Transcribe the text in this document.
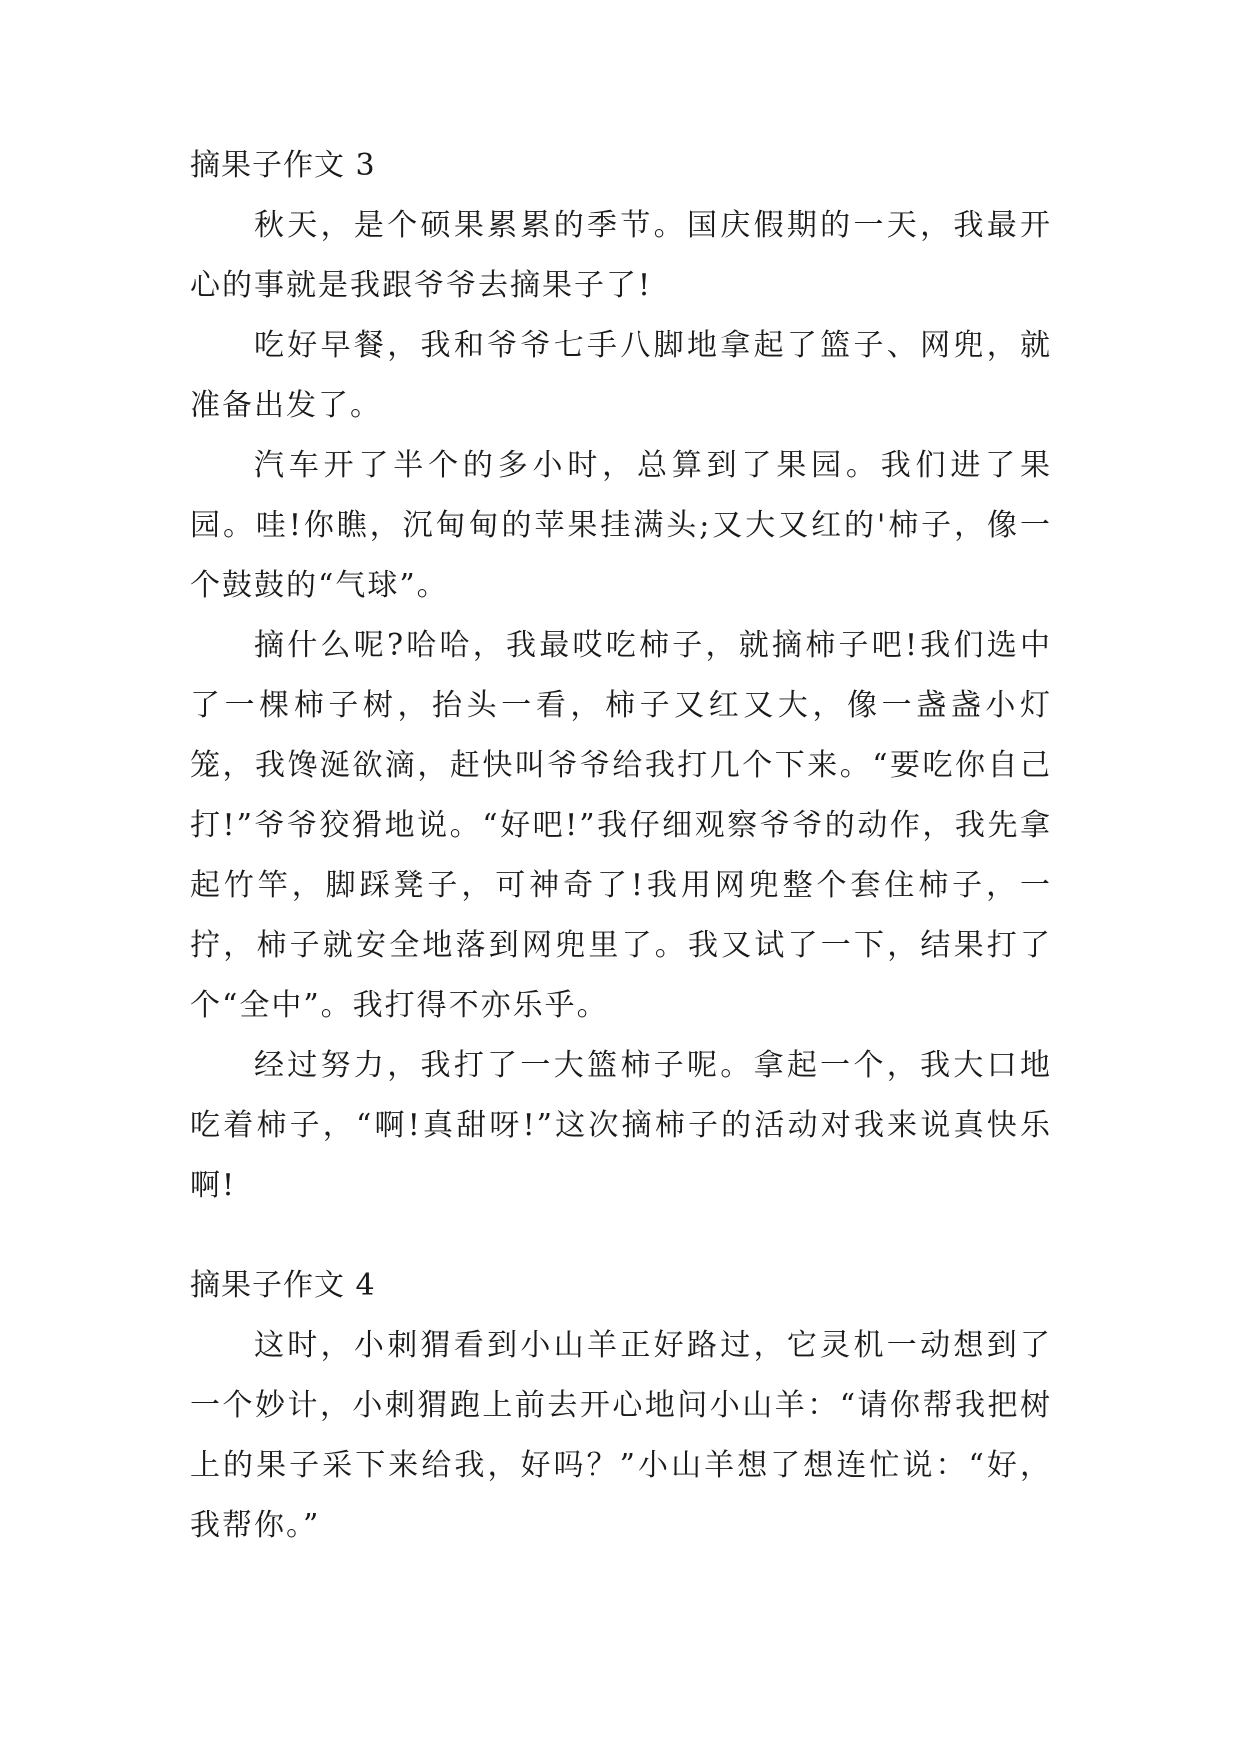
摘果子作文 3

秋天，是个硕果累累的季节。国庆假期的一天，我最开心的事就是我跟爷爷去摘果子了!

吃好早餐，我和爷爷七手八脚地拿起了篮子、网兜，就准备出发了。

汽车开了半个的多小时，总算到了果园。我们进了果园。哇!你瞧，沉甸甸的苹果挂满头;又大又红的'柿子，像一个鼓鼓的“气球”。

摘什么呢?哈哈，我最哎吃柿子，就摘柿子吧!我们选中了一棵柿子树，抬头一看，柿子又红又大，像一盏盏小灯笼，我馋涎欲滴，赶快叫爷爷给我打几个下来。“要吃你自己打!”爷爷狡猾地说。“好吧!”我仔细观察爷爷的动作，我先拿起竹竿，脚踩凳子，可神奇了!我用网兜整个套住柿子，一拧，柿子就安全地落到网兜里了。我又试了一下，结果打了个“全中”。我打得不亦乐乎。

经过努力，我打了一大篮柿子呢。拿起一个，我大口地吃着柿子，“啊!真甜呀!”这次摘柿子的活动对我来说真快乐啊!

摘果子作文 4

这时，小刺猬看到小山羊正好路过，它灵机一动想到了一个妙计，小刺猬跑上前去开心地问小山羊：“请你帮我把树上的果子采下来给我，好吗？”小山羊想了想连忙说：“好，我帮你。”
